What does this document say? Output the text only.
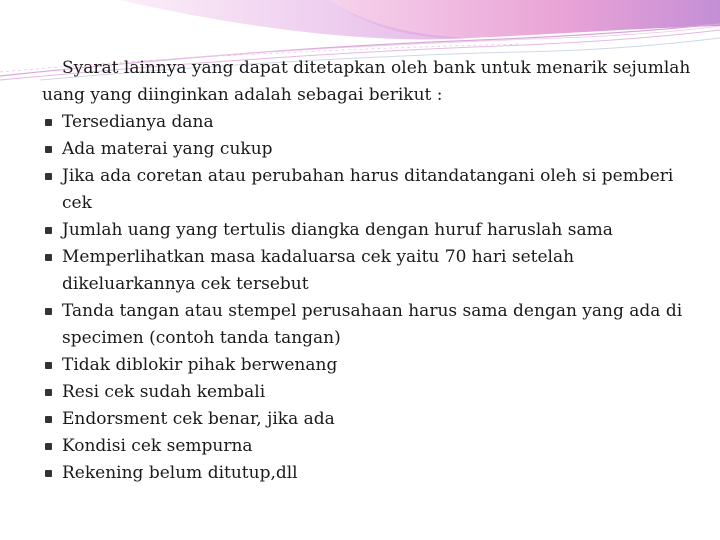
Syarat lainnya yang dapat ditetapkan oleh bank untuk menarik sejumlah uang yang diinginkan adalah sebagai berikut :

Tersedianya dana
Ada materai yang cukup
Jika ada coretan atau perubahan harus ditandatangani oleh si pemberi cek
Jumlah uang yang tertulis diangka dengan huruf haruslah sama
Memperlihatkan masa kadaluarsa cek yaitu 70 hari setelah dikeluarkannya cek tersebut
Tanda tangan atau stempel perusahaan harus sama dengan yang ada di specimen (contoh tanda tangan)
Tidak diblokir pihak berwenang
Resi cek sudah kembali
Endorsment cek benar, jika ada
Kondisi cek sempurna
Rekening belum ditutup,dll
